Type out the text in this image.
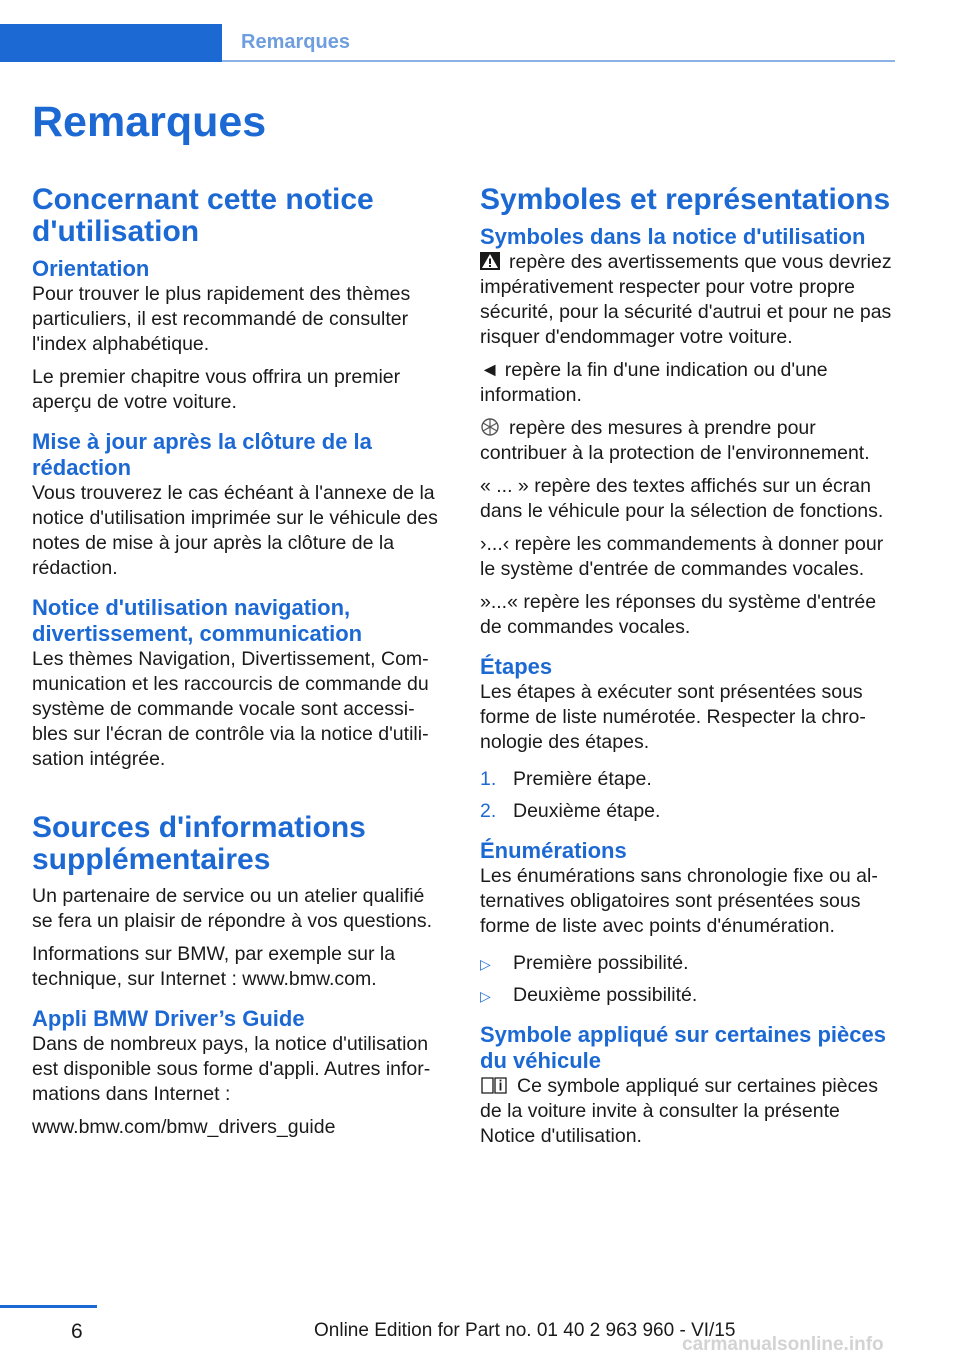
Remarques
Remarques
Concernant cette notice d'utilisation
Orientation

Pour trouver le plus rapidement des thèmes particuliers, il est recommandé de consulter l'index alphabétique.

Le premier chapitre vous offrira un premier aperçu de votre voiture.

Mise à jour après la clôture de la rédaction

Vous trouverez le cas échéant à l'annexe de la notice d'utilisation imprimée sur le véhicule des notes de mise à jour après la clôture de la rédaction.

Notice d'utilisation navigation, divertissement, communication

Les thèmes Navigation, Divertissement, Com‐munication et les raccourcis de commande du système de commande vocale sont accessi‐bles sur l'écran de contrôle via la notice d'utili‐sation intégrée.

Sources d'informations supplémentaires

Un partenaire de service ou un atelier qualifié se fera un plaisir de répondre à vos questions.

Informations sur BMW, par exemple sur la technique, sur Internet : www.bmw.com.

Appli BMW Driver’s Guide

Dans de nombreux pays, la notice d'utilisation est disponible sous forme d'appli. Autres infor‐mations dans Internet :

www.bmw.com/bmw_drivers_guide

Symboles et représentations
Symboles dans la notice d'utilisation

repère des avertissements que vous devriez impérativement respecter pour votre propre sécurité, pour la sécurité d'autrui et pour ne pas risquer d'endommager votre voiture.

◄ repère la fin d'une indication ou d'une information.

repère des mesures à prendre pour contribuer à la protection de l'environnement.

« ... » repère des textes affichés sur un écran dans le véhicule pour la sélection de fonctions.

›...‹ repère les commandements à donner pour le système d'entrée de commandes vocales.

»...« repère les réponses du système d'entrée de commandes vocales.

Étapes

Les étapes à exécuter sont présentées sous forme de liste numérotée. Respecter la chro‐nologie des étapes.

1. Première étape.
2. Deuxième étape.
Énumérations

Les énumérations sans chronologie fixe ou al‐ternatives obligatoires sont présentées sous forme de liste avec points d'énumération.

▷ Première possibilité.
▷ Deuxième possibilité.
Symbole appliqué sur certaines pièces du véhicule

Ce symbole appliqué sur certaines pièces de la voiture invite à consulter la présente Notice d'utilisation.

6	Online Edition for Part no. 01 40 2 963 960 - VI/15
carmanualsonline.info
